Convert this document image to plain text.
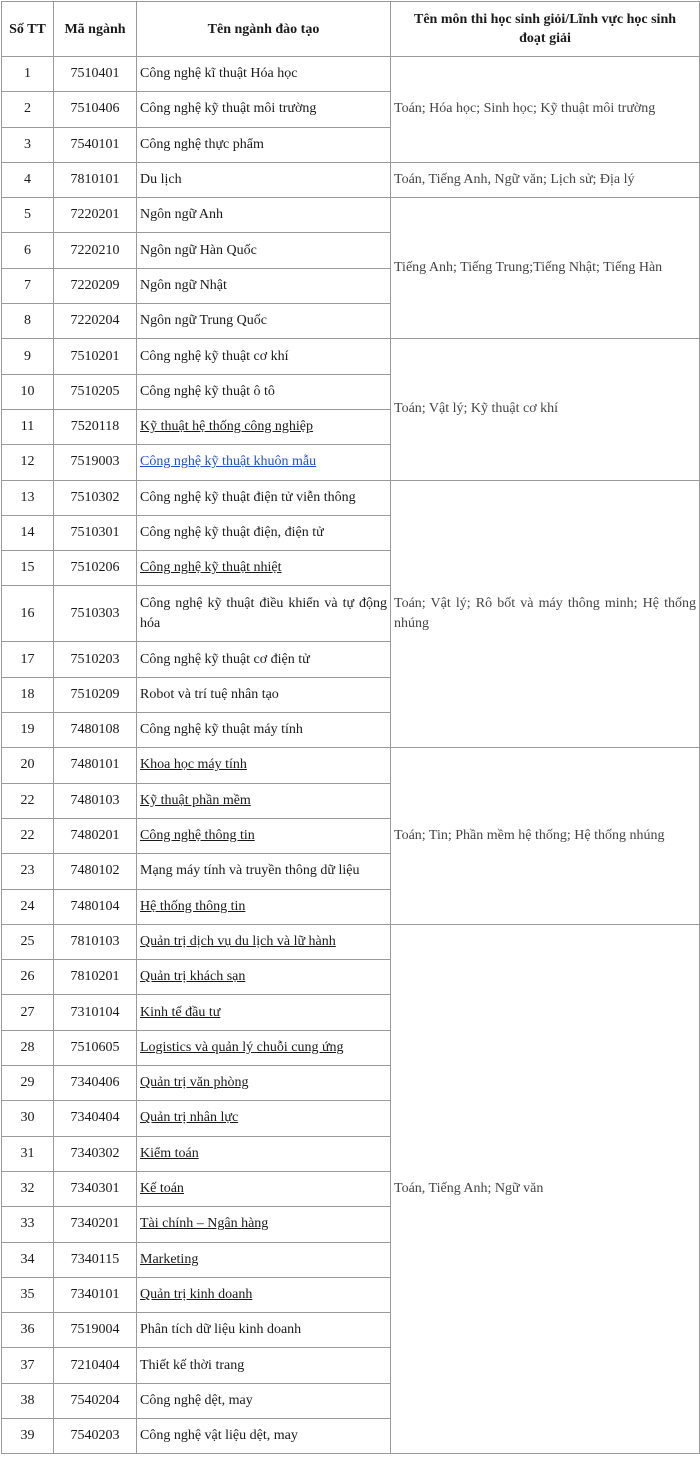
Số TT	Mã ngành	Tên ngành đào tạo	Tên môn thi học sinh giỏi/Lĩnh vực học sinh đoạt giải
1	7510401	Công nghệ kĩ thuật Hóa học	Toán; Hóa học; Sinh học; Kỹ thuật môi trường
2	7510406	Công nghệ kỹ thuật môi trường	
3	7540101	Công nghệ thực phẩm	
4	7810101	Du lịch	Toán, Tiếng Anh, Ngữ văn; Lịch sử; Địa lý
5	7220201	Ngôn ngữ Anh	Tiếng Anh; Tiếng Trung;Tiếng Nhật; Tiếng Hàn
6	7220210	Ngôn ngữ Hàn Quốc	
7	7220209	Ngôn ngữ Nhật	
8	7220204	Ngôn ngữ Trung Quốc	
9	7510201	Công nghệ kỹ thuật cơ khí	Toán; Vật lý; Kỹ thuật cơ khí
10	7510205	Công nghệ kỹ thuật ô tô	
11	7520118	Kỹ thuật hệ thống công nghiệp	
12	7519003	Công nghệ kỹ thuật khuôn mẫu	
13	7510302	Công nghệ kỹ thuật điện tử viễn thông	Toán; Vật lý; Rô bốt và máy thông minh; Hệ thống nhúng
14	7510301	Công nghệ kỹ thuật điện, điện tử	
15	7510206	Công nghệ kỹ thuật nhiệt	
16	7510303	Công nghệ kỹ thuật điều khiển và tự động hóa	
17	7510203	Công nghệ kỹ thuật cơ điện tử	
18	7510209	Robot và trí tuệ nhân tạo	
19	7480108	Công nghệ kỹ thuật máy tính	
20	7480101	Khoa học máy tính	Toán; Tin; Phần mềm hệ thống; Hệ thống nhúng
22	7480103	Kỹ thuật phần mềm	
22	7480201	Công nghệ thông tin	
23	7480102	Mạng máy tính và truyền thông dữ liệu	
24	7480104	Hệ thống thông tin	
25	7810103	Quản trị dịch vụ du lịch và lữ hành	Toán, Tiếng Anh; Ngữ văn
26	7810201	Quản trị khách sạn	
27	7310104	Kinh tế đầu tư	
28	7510605	Logistics và quản lý chuỗi cung ứng	
29	7340406	Quản trị văn phòng	
30	7340404	Quản trị nhân lực	
31	7340302	Kiểm toán	
32	7340301	Kế toán	
33	7340201	Tài chính – Ngân hàng	
34	7340115	Marketing	
35	7340101	Quản trị kinh doanh	
36	7519004	Phân tích dữ liệu kinh doanh	
37	7210404	Thiết kế thời trang	
38	7540204	Công nghệ dệt, may	
39	7540203	Công nghệ vật liệu dệt, may	
